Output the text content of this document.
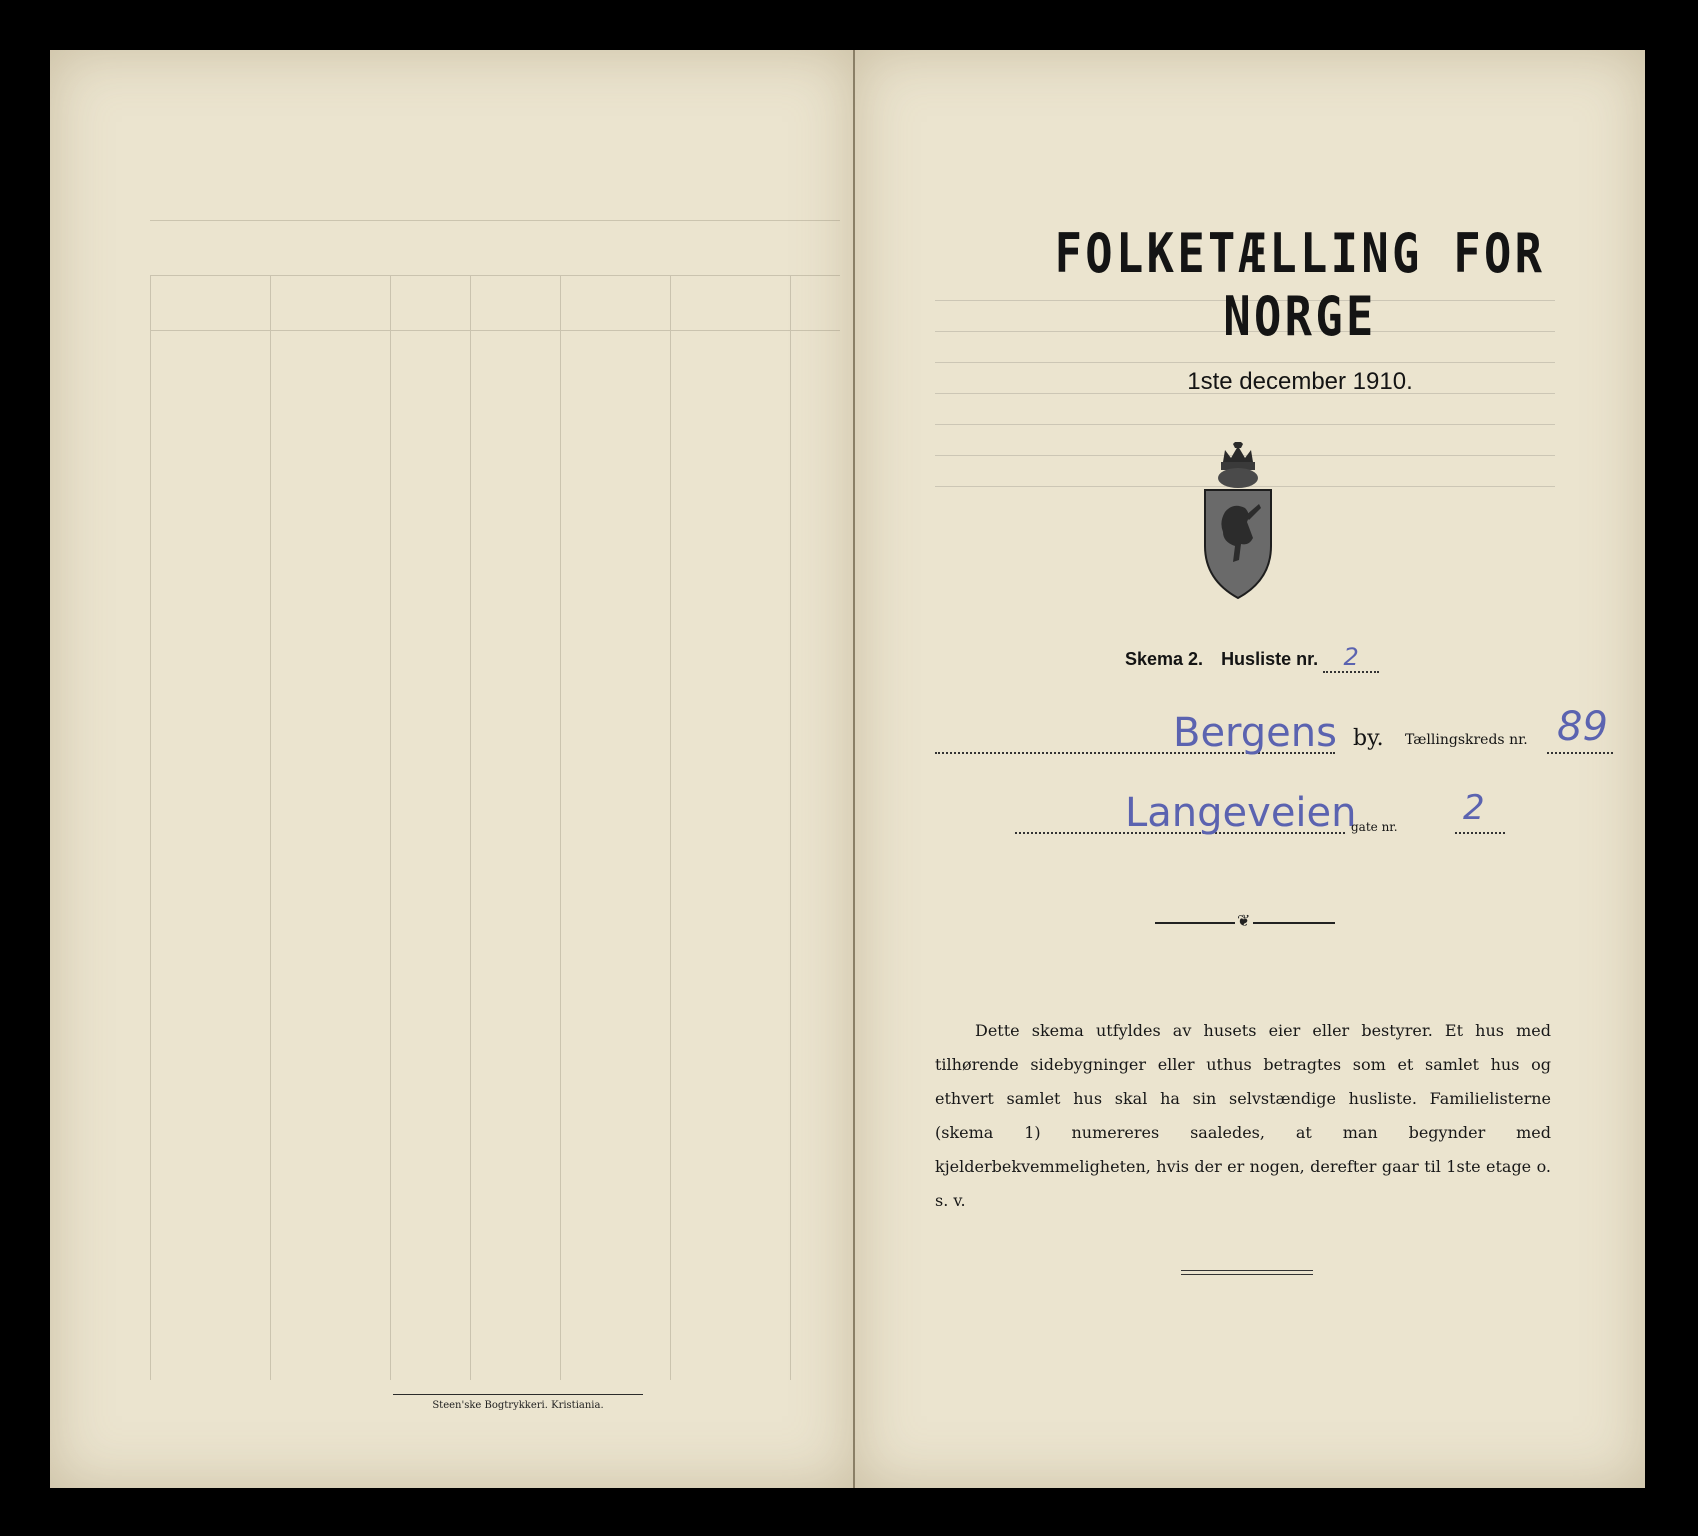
Steen'ske Bogtrykkeri. Kristiania.
FOLKETÆLLING FOR NORGE
1ste december 1910.
Skema 2. Husliste nr. 2
Bergens by. Tællingskreds nr. 89
Langeveien
gate nr. 2
❦
Dette skema utfyldes av husets eier eller bestyrer. Et hus med tilhørende sidebygninger eller uthus betragtes som et samlet hus og ethvert samlet hus skal ha sin selvstændige husliste. Familielisterne (skema 1) numereres saaledes, at man begynder med kjelderbekvemmeligheten, hvis der er nogen, derefter gaar til 1ste etage o. s. v.
